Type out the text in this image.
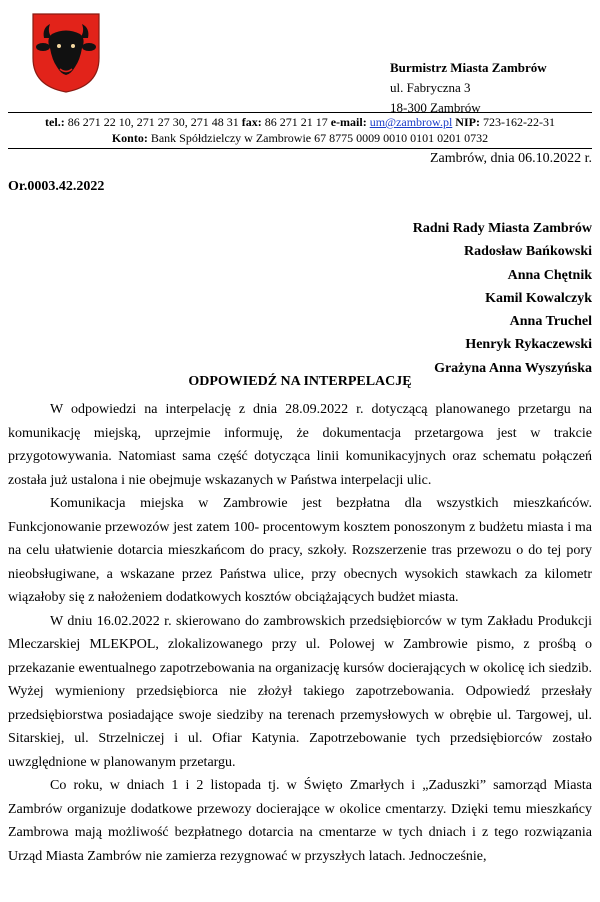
Burmistrz Miasta Zambrów
ul. Fabryczna 3
18-300 Zambrów
tel.: 86 271 22 10, 271 27 30, 271 48 31 fax: 86 271 21 17 e-mail: um@zambrow.pl NIP: 723-162-22-31
Konto: Bank Spółdzielczy w Zambrowie 67 8775 0009 0010 0101 0201 0732
Zambrów, dnia 06.10.2022 r.
Or.0003.42.2022
Radni Rady Miasta Zambrów
Radosław Bańkowski
Anna Chętnik
Kamil Kowalczyk
Anna Truchel
Henryk Rykaczewski
Grażyna Anna Wyszyńska
ODPOWIEDŹ NA INTERPELACJĘ

W odpowiedzi na interpelację z dnia 28.09.2022 r. dotyczącą planowanego przetargu na komunikację miejską, uprzejmie informuję, że dokumentacja przetargowa jest w trakcie przygotowywania. Natomiast sama część dotycząca linii komunikacyjnych oraz schematu połączeń została już ustalona i nie obejmuje wskazanych w Państwa interpelacji ulic.

Komunikacja miejska w Zambrowie jest bezpłatna dla wszystkich mieszkańców. Funkcjonowanie przewozów jest zatem 100- procentowym kosztem ponoszonym z budżetu miasta i ma na celu ułatwienie dotarcia mieszkańcom do pracy, szkoły. Rozszerzenie tras przewozu o do tej pory nieobsługiwane, a wskazane przez Państwa ulice, przy obecnych wysokich stawkach za kilometr wiązałoby się z nałożeniem dodatkowych kosztów obciążających budżet miasta.

W dniu 16.02.2022 r. skierowano do zambrowskich przedsiębiorców w tym Zakładu Produkcji Mleczarskiej MLEKPOL, zlokalizowanego przy ul. Polowej w Zambrowie pismo, z prośbą o przekazanie ewentualnego zapotrzebowania na organizację kursów docierających w okolicę ich siedzib. Wyżej wymieniony przedsiębiorca nie złożył takiego zapotrzebowania. Odpowiedź przesłały przedsiębiorstwa posiadające swoje siedziby na terenach przemysłowych w obrębie ul. Targowej, ul. Sitarskiej, ul. Strzelniczej i ul. Ofiar Katynia. Zapotrzebowanie tych przedsiębiorców zostało uwzględnione w planowanym przetargu.

Co roku, w dniach 1 i 2 listopada tj. w Święto Zmarłych i „Zaduszki” samorząd Miasta Zambrów organizuje dodatkowe przewozy docierające w okolice cmentarzy. Dzięki temu mieszkańcy Zambrowa mają możliwość bezpłatnego dotarcia na cmentarze w tych dniach i z tego rozwiązania Urząd Miasta Zambrów nie zamierza rezygnować w przyszłych latach. Jednocześnie,
